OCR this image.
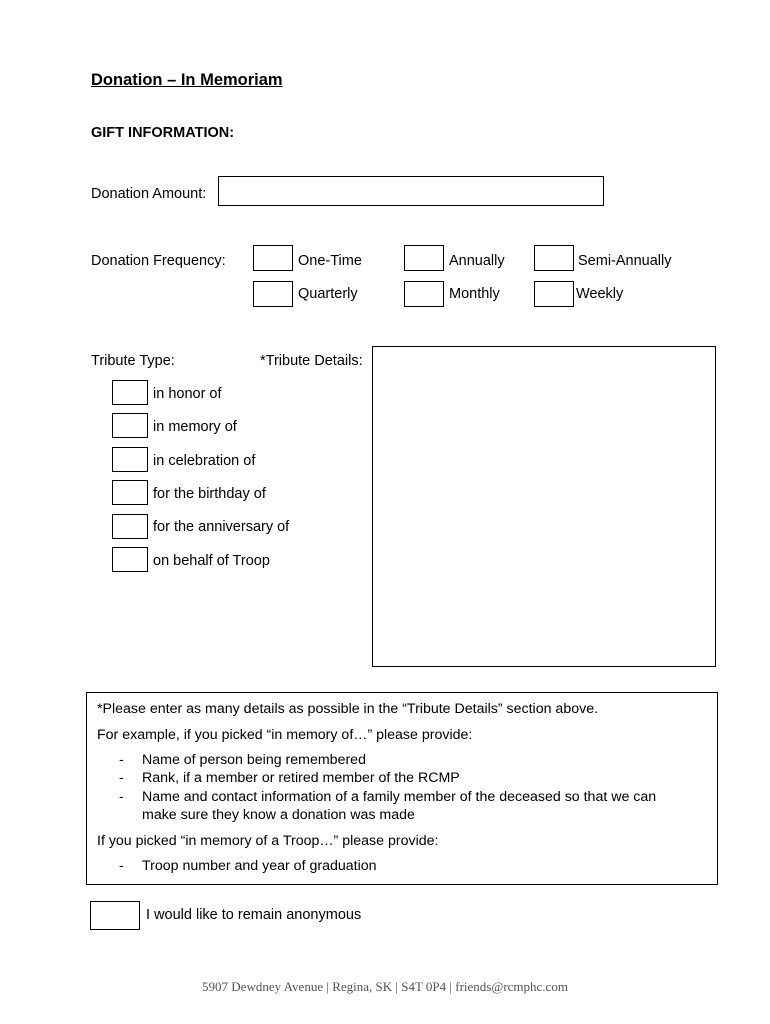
Donation – In Memoriam
GIFT INFORMATION:
Donation Amount:
Donation Frequency:	One-Time	Annually	Semi-Annually
Quarterly	Monthly	Weekly
Tribute Type:	*Tribute Details:
in honor of
in memory of
in celebration of
for the birthday of
for the anniversary of
on behalf of Troop
*Please enter as many details as possible in the “Tribute Details” section above.
For example, if you picked “in memory of…” please provide:
- Name of person being remembered
- Rank, if a member or retired member of the RCMP
- Name and contact information of a family member of the deceased so that we can
make sure they know a donation was made
If you picked “in memory of a Troop…” please provide:
- Troop number and year of graduation
I would like to remain anonymous
5907 Dewdney Avenue | Regina, SK | S4T 0P4 | friends@rcmphc.com
